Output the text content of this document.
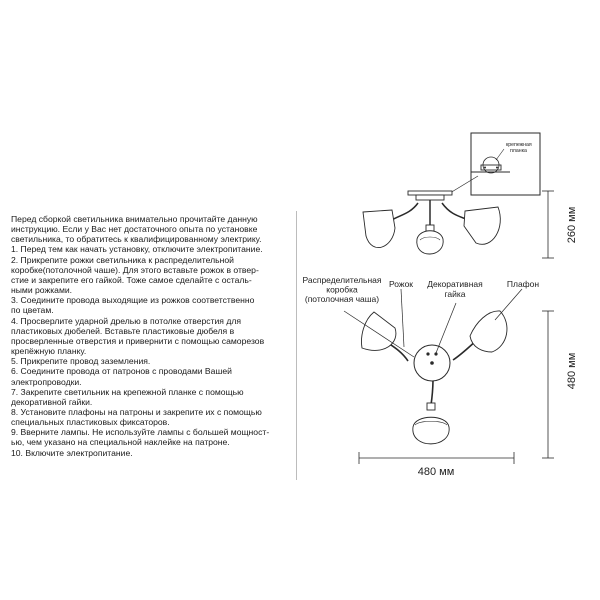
Перед сборкой светильника внимательно прочитайте данную
инструкцию. Если у Вас нет достаточного опыта по установке
светильника, то обратитесь к квалифицированному электрику.
1. Перед тем как начать установку, отключите электропитание.
2. Прикрепите рожки светильника к распределительной
коробке(потолочной чаше). Для этого вставьте рожок в отвер-
стие и закрепите его гайкой. Тоже самое сделайте с осталь-
ными рожками.
3. Соедините провода выходящие из рожков соответственно
по цветам.
4. Просверлите ударной дрелью в потолке отверстия для
пластиковых дюбелей. Вставьте пластиковые дюбеля в
просверленные отверстия и привернити с помощью саморезов
крепёжную планку.
5. Прикрепите провод заземления.
6. Соедините провода от патронов с проводами Вашей
электропроводки.
7. Закрепите светильник на крепежной планке с помощью
декоративной гайки.
8. Установите плафоны на патроны и закрепите их с помощью
специальных пластиковых фиксаторов.
9. Вверните лампы. Не используйте лампы с большей мощност-
ью, чем указано на специальной наклейке на патроне.
10. Включите электропитание.
крепежная
планка
260 мм
Распределительная
коробка
(потолочная чаша)
Рожок Декоративная
гайка
Плафон
480 мм
480 мм
